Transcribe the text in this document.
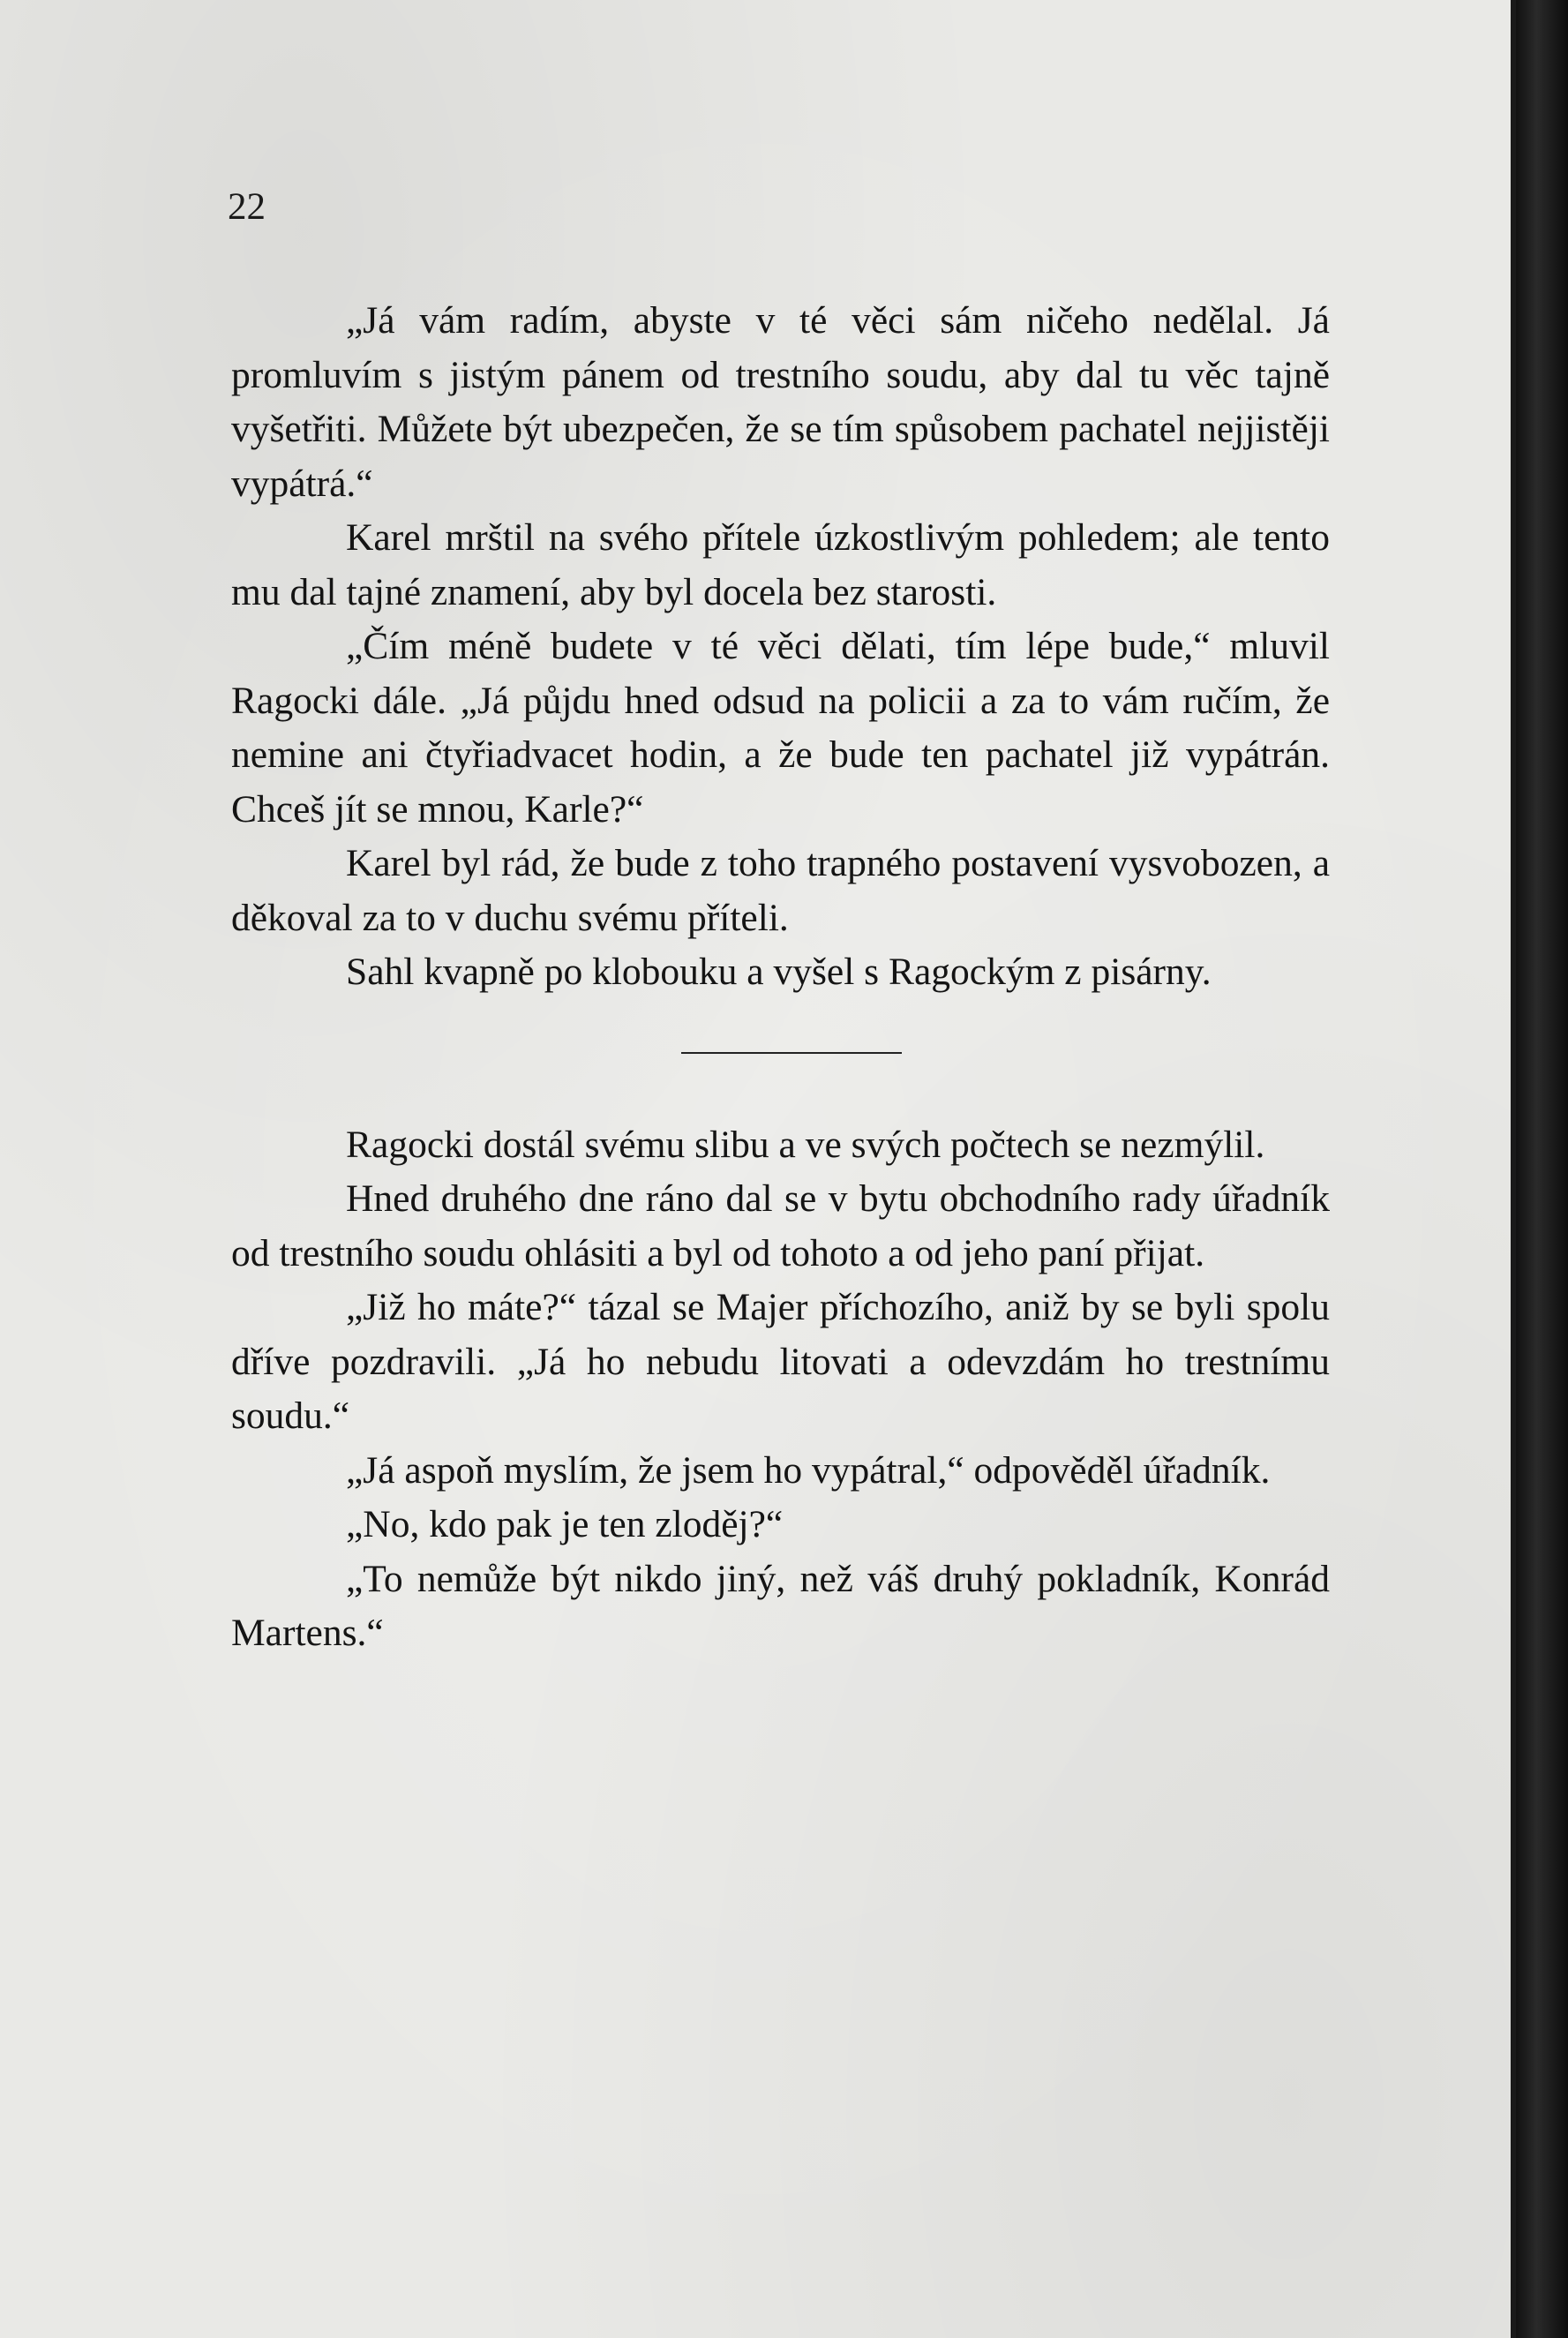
22

„Já vám radím, abyste v té věci sám ničeho nedělal. Já promluvím s jistým pánem od trestního soudu, aby dal tu věc tajně vyšetřiti. Můžete být ubezpečen, že se tím spůsobem pachatel nejjistěji vypátrá.“

Karel mrštil na svého přítele úzkostlivým pohledem; ale tento mu dal tajné znamení, aby byl docela bez starosti.

„Čím méně budete v té věci dělati, tím lépe bude,“ mluvil Ragocki dále. „Já půjdu hned odsud na policii a za to vám ručím, že nemine ani čtyřiadvacet hodin, a že bude ten pachatel již vypátrán. Chceš jít se mnou, Karle?“

Karel byl rád, že bude z toho trapného postavení vysvobozen, a děkoval za to v duchu svému příteli.

Sahl kvapně po klobouku a vyšel s Ragockým z pisárny.

Ragocki dostál svému slibu a ve svých počtech se nezmýlil.

Hned druhého dne ráno dal se v bytu obchodního rady úřadník od trestního soudu ohlásiti a byl od tohoto a od jeho paní přijat.

„Již ho máte?“ tázal se Majer příchozího, aniž by se byli spolu dříve pozdravili. „Já ho nebudu litovati a odevzdám ho trestnímu soudu.“

„Já aspoň myslím, že jsem ho vypátral,“ odpověděl úřadník.

„No, kdo pak je ten zloděj?“

„To nemůže být nikdo jiný, než váš druhý pokladník, Konrád Martens.“
